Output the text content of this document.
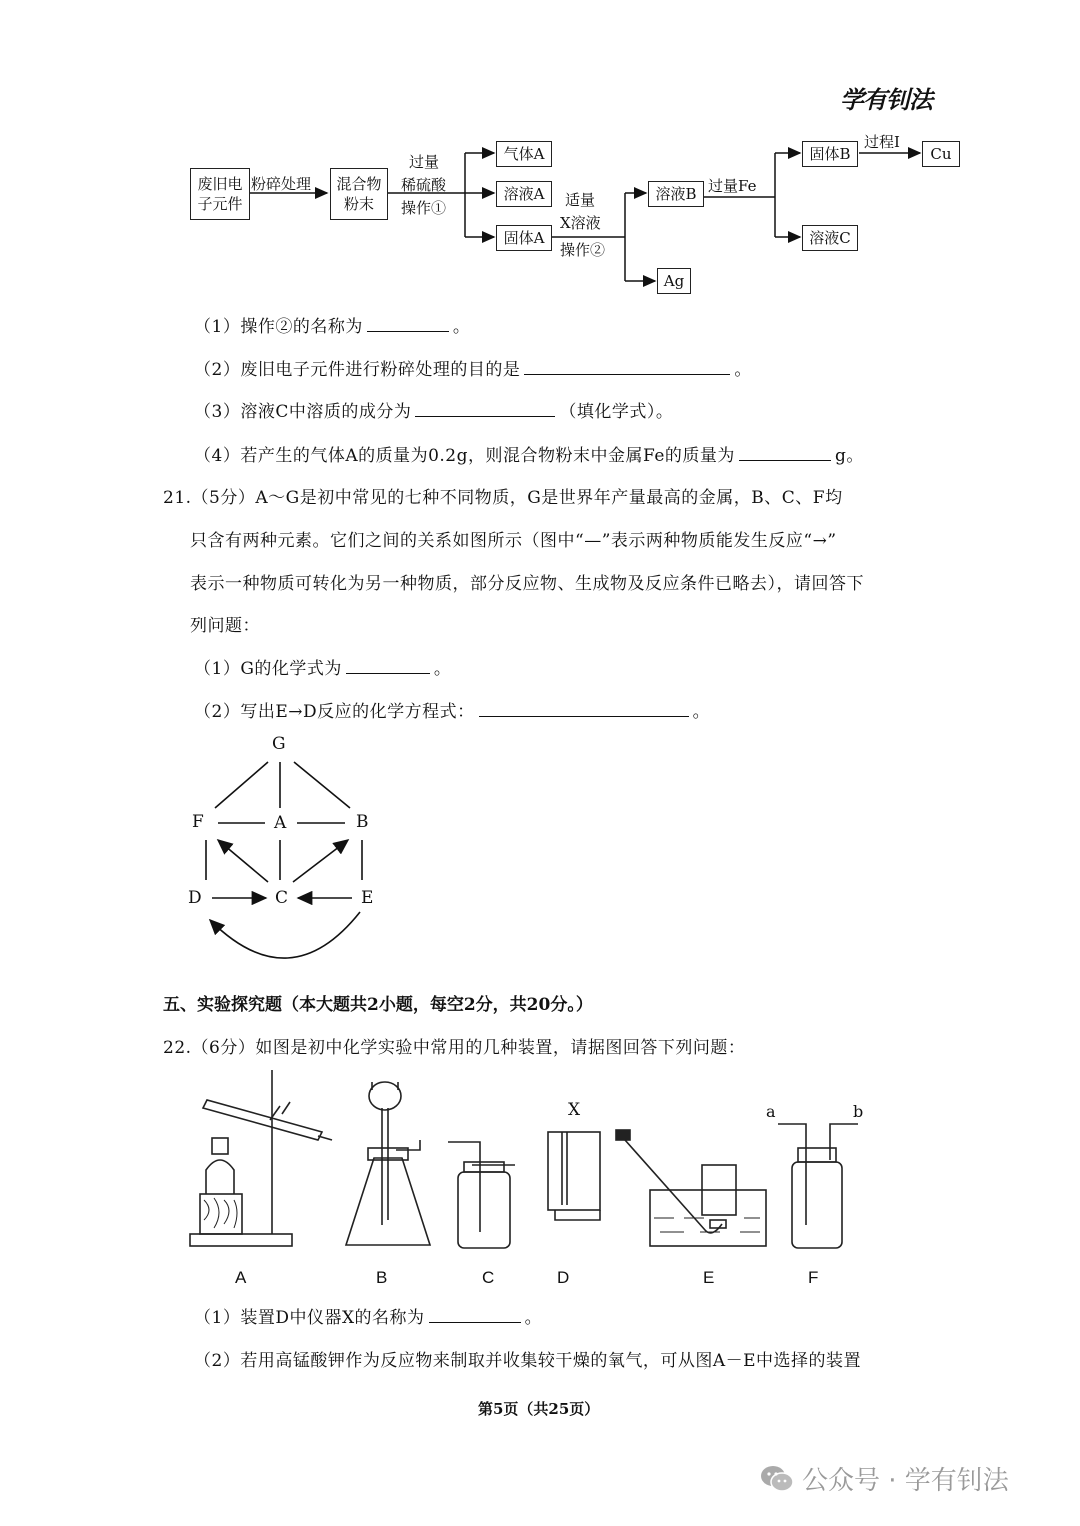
学有钊法
废旧电子元件
粉碎处理 混合物粉末
过量
稀硫酸
操作①
气体A
溶液A
固体A
适量
X溶液
操作②
溶液B 过量Fe
Ag
固体B
过程I
Cu
溶液C
（1）操作②的名称为	。
（2）废旧电子元件进行粉碎处理的目的是	。
（3）溶液C中溶质的成分为	（填化学式）。
（4）若产生的气体A的质量为0.2g，则混合物粉末中金属Fe的质量为	g。
21.（5分）A～G是初中常见的七种不同物质，G是世界年产量最高的金属，B、C、F均
只含有两种元素。它们之间的关系如图所示（图中“—”表示两种物质能发生反应“→”
表示一种物质可转化为另一种物质，部分反应物、生成物及反应条件已略去），请回答下
列问题：
（1）G的化学式为	。
（2）写出E→D反应的化学方程式：	。
G
F	A	B
D	C	E
五、实验探究题（本大题共2小题，每空2分，共20分。）
22.（6分）如图是初中化学实验中常用的几种装置，请据图回答下列问题：
X	a	b
A	B	C	D	E	F
（1）装置D中仪器X的名称为	。
（2）若用高锰酸钾作为反应物来制取并收集较干燥的氧气，可从图A－E中选择的装置
第5页（共25页）
公众号 · 学有钊法
